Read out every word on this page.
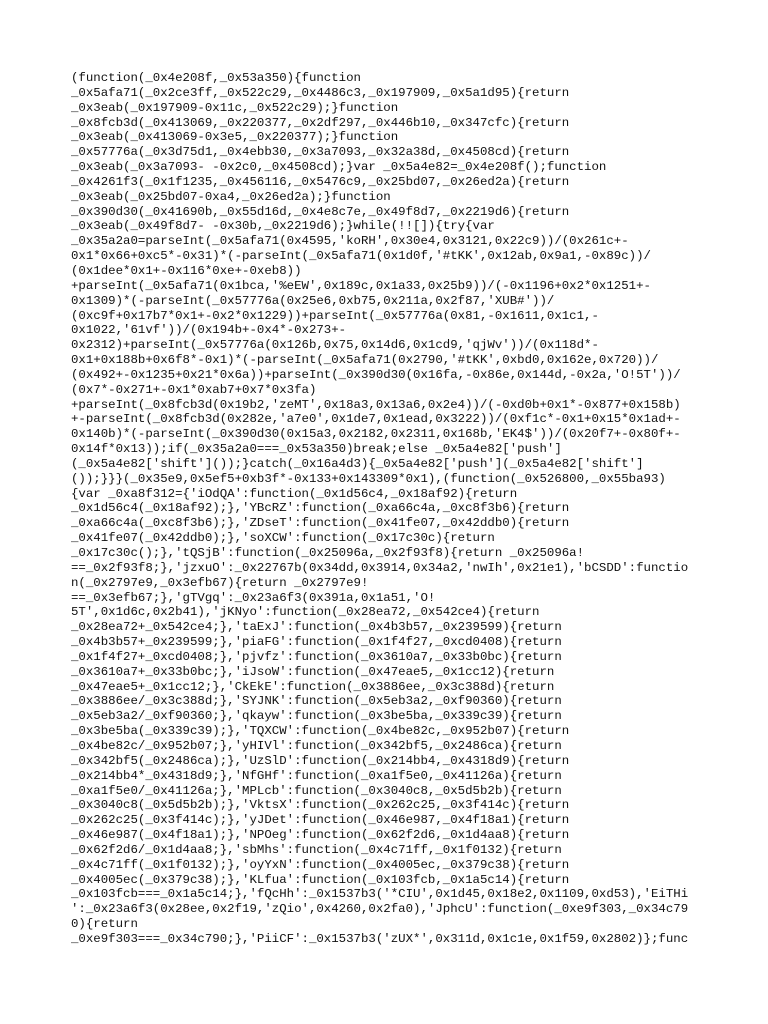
(function(_0x4e208f,_0x53a350){function
_0x5afa71(_0x2ce3ff,_0x522c29,_0x4486c3,_0x197909,_0x5a1d95){return
_0x3eab(_0x197909-0x11c,_0x522c29);}function
_0x8fcb3d(_0x413069,_0x220377,_0x2df297,_0x446b10,_0x347cfc){return
_0x3eab(_0x413069-0x3e5,_0x220377);}function
_0x57776a(_0x3d75d1,_0x4ebb30,_0x3a7093,_0x32a38d,_0x4508cd){return
_0x3eab(_0x3a7093- -0x2c0,_0x4508cd);}var _0x5a4e82=_0x4e208f();function
_0x4261f3(_0x1f1235,_0x456116,_0x5476c9,_0x25bd07,_0x26ed2a){return
_0x3eab(_0x25bd07-0xa4,_0x26ed2a);}function
_0x390d30(_0x41690b,_0x55d16d,_0x4e8c7e,_0x49f8d7,_0x2219d6){return
_0x3eab(_0x49f8d7- -0x30b,_0x2219d6);}while(!![]){try{var
_0x35a2a0=parseInt(_0x5afa71(0x4595,'koRH',0x30e4,0x3121,0x22c9))/(0x261c+-
0x1*0x66+0xc5*-0x31)*(-parseInt(_0x5afa71(0x1d0f,'#tKK',0x12ab,0x9a1,-0x89c))/
(0x1dee*0x1+-0x116*0xe+-0xeb8))
+parseInt(_0x5afa71(0x1bca,'%eEW',0x189c,0x1a33,0x25b9))/(-0x1196+0x2*0x1251+-
0x1309)*(-parseInt(_0x57776a(0x25e6,0xb75,0x211a,0x2f87,'XUB#'))/
(0xc9f+0x17b7*0x1+-0x2*0x1229))+parseInt(_0x57776a(0x81,-0x1611,0x1c1,-
0x1022,'61vf'))/(0x194b+-0x4*-0x273+-
0x2312)+parseInt(_0x57776a(0x126b,0x75,0x14d6,0x1cd9,'qjWv'))/(0x118d*-
0x1+0x188b+0x6f8*-0x1)*(-parseInt(_0x5afa71(0x2790,'#tKK',0xbd0,0x162e,0x720))/
(0x492+-0x1235+0x21*0x6a))+parseInt(_0x390d30(0x16fa,-0x86e,0x144d,-0x2a,'O!5T'))/
(0x7*-0x271+-0x1*0xab7+0x7*0x3fa)
+parseInt(_0x8fcb3d(0x19b2,'zeMT',0x18a3,0x13a6,0x2e4))/(-0xd0b+0x1*-0x877+0x158b)
+-parseInt(_0x8fcb3d(0x282e,'a7e0',0x1de7,0x1ead,0x3222))/(0xf1c*-0x1+0x15*0x1ad+-
0x140b)*(-parseInt(_0x390d30(0x15a3,0x2182,0x2311,0x168b,'EK4$'))/(0x20f7+-0x80f+-
0x14f*0x13));if(_0x35a2a0===_0x53a350)break;else _0x5a4e82['push']
(_0x5a4e82['shift']());}catch(_0x16a4d3){_0x5a4e82['push'](_0x5a4e82['shift']
());}}}(_0x35e9,0x5ef5+0xb3f*-0x133+0x143309*0x1),(function(_0x526800,_0x55ba93)
{var _0xa8f312={'iOdQA':function(_0x1d56c4,_0x18af92){return
_0x1d56c4(_0x18af92);},'YBcRZ':function(_0xa66c4a,_0xc8f3b6){return
_0xa66c4a(_0xc8f3b6);},'ZDseT':function(_0x41fe07,_0x42ddb0){return
_0x41fe07(_0x42ddb0);},'soXCW':function(_0x17c30c){return
_0x17c30c();},'tQSjB':function(_0x25096a,_0x2f93f8){return _0x25096a!
==_0x2f93f8;},'jzxuO':_0x22767b(0x34dd,0x3914,0x34a2,'nwIh',0x21e1),'bCSDD':functio
n(_0x2797e9,_0x3efb67){return _0x2797e9!
==_0x3efb67;},'gTVgq':_0x23a6f3(0x391a,0x1a51,'O!
5T',0x1d6c,0x2b41),'jKNyo':function(_0x28ea72,_0x542ce4){return
_0x28ea72+_0x542ce4;},'taExJ':function(_0x4b3b57,_0x239599){return
_0x4b3b57+_0x239599;},'piaFG':function(_0x1f4f27,_0xcd0408){return
_0x1f4f27+_0xcd0408;},'pjvfz':function(_0x3610a7,_0x33b0bc){return
_0x3610a7+_0x33b0bc;},'iJsoW':function(_0x47eae5,_0x1cc12){return
_0x47eae5+_0x1cc12;},'CkEkE':function(_0x3886ee,_0x3c388d){return
_0x3886ee/_0x3c388d;},'SYJNK':function(_0x5eb3a2,_0xf90360){return
_0x5eb3a2/_0xf90360;},'qkayw':function(_0x3be5ba,_0x339c39){return
_0x3be5ba(_0x339c39);},'TQXCW':function(_0x4be82c,_0x952b07){return
_0x4be82c/_0x952b07;},'yHIVl':function(_0x342bf5,_0x2486ca){return
_0x342bf5(_0x2486ca);},'UzSlD':function(_0x214bb4,_0x4318d9){return
_0x214bb4*_0x4318d9;},'NfGHf':function(_0xa1f5e0,_0x41126a){return
_0xa1f5e0/_0x41126a;},'MPLcb':function(_0x3040c8,_0x5d5b2b){return
_0x3040c8(_0x5d5b2b);},'VktsX':function(_0x262c25,_0x3f414c){return
_0x262c25(_0x3f414c);},'yJDet':function(_0x46e987,_0x4f18a1){return
_0x46e987(_0x4f18a1);},'NPOeg':function(_0x62f2d6,_0x1d4aa8){return
_0x62f2d6/_0x1d4aa8;},'sbMhs':function(_0x4c71ff,_0x1f0132){return
_0x4c71ff(_0x1f0132);},'oyYxN':function(_0x4005ec,_0x379c38){return
_0x4005ec(_0x379c38);},'KLfua':function(_0x103fcb,_0x1a5c14){return
_0x103fcb===_0x1a5c14;},'fQcHh':_0x1537b3('*CIU',0x1d45,0x18e2,0x1109,0xd53),'EiTHi
':_0x23a6f3(0x28ee,0x2f19,'zQio',0x4260,0x2fa0),'JphcU':function(_0xe9f303,_0x34c79
0){return
_0xe9f303===_0x34c790;},'PiiCF':_0x1537b3('zUX*',0x311d,0x1c1e,0x1f59,0x2802)};func
